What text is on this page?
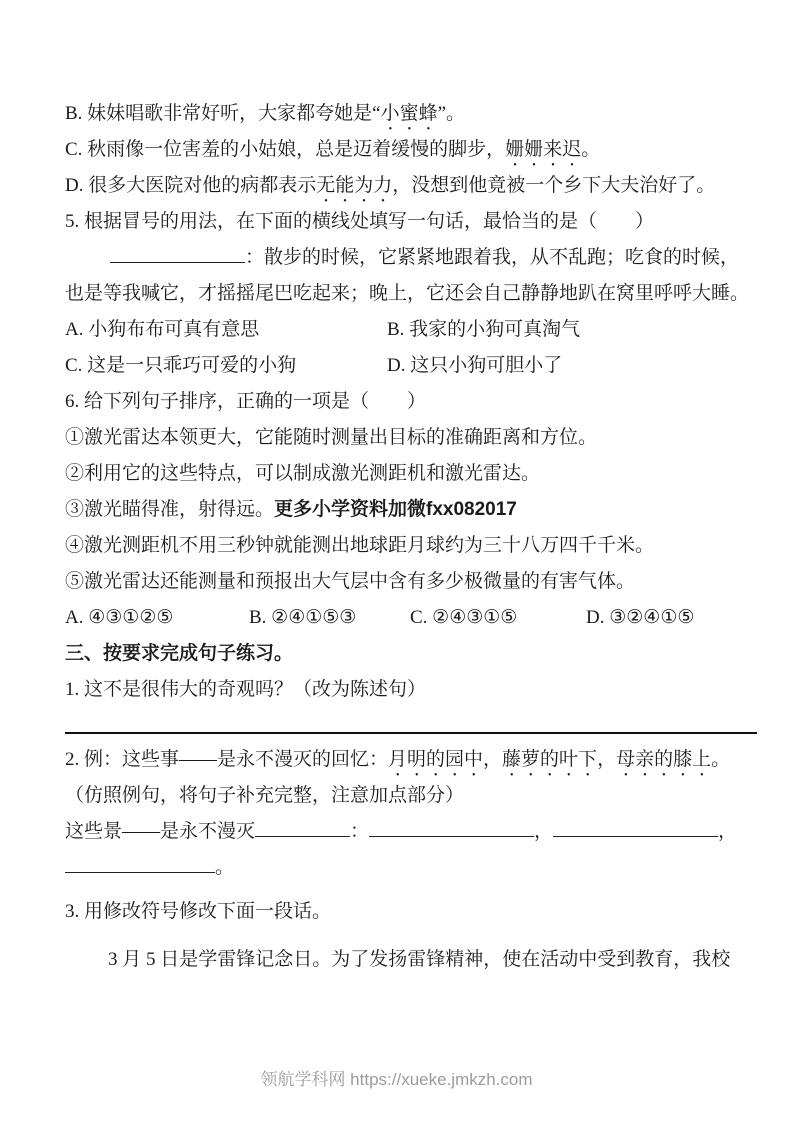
B. 妹妹唱歌非常好听，大家都夸她是“小蜜蜂”。
C. 秋雨像一位害羞的小姑娘，总是迈着缓慢的脚步，姗姗来迟。
D. 很多大医院对他的病都表示无能为力，没想到他竟被一个乡下大夫治好了。
5. 根据冒号的用法，在下面的横线处填写一句话，最恰当的是（　　）
：散步的时候，它紧紧地跟着我，从不乱跑；吃食的时候，
也是等我喊它，才摇摇尾巴吃起来；晚上，它还会自己静静地趴在窝里呼呼大睡。
A. 小狗布布可真有意思	B. 我家的小狗可真淘气
C. 这是一只乖巧可爱的小狗	D. 这只小狗可胆小了
6. 给下列句子排序，正确的一项是（　　）
①激光雷达本领更大，它能随时测量出目标的准确距离和方位。
②利用它的这些特点，可以制成激光测距机和激光雷达。
③激光瞄得准，射得远。更多小学资料加微fxx082017
④激光测距机不用三秒钟就能测出地球距月球约为三十八万四千千米。
⑤激光雷达还能测量和预报出大气层中含有多少极微量的有害气体。
A. ④③①②⑤	B. ②④①⑤③	C. ②④③①⑤	D. ③②④①⑤
三、按要求完成句子练习。
1. 这不是很伟大的奇观吗？（改为陈述句）
2. 例：这些事——是永不漫灭的回忆：月明的园中，藤萝的叶下，母亲的膝上。
（仿照例句，将句子补充完整，注意加点部分）
这些景——是永不漫灭	：	，	，
。
3. 用修改符号修改下面一段话。
3 月 5 日是学雷锋记念日。为了发扬雷锋精神，使在活动中受到教育，我校
领航学科网 https://xueke.jmkzh.com
